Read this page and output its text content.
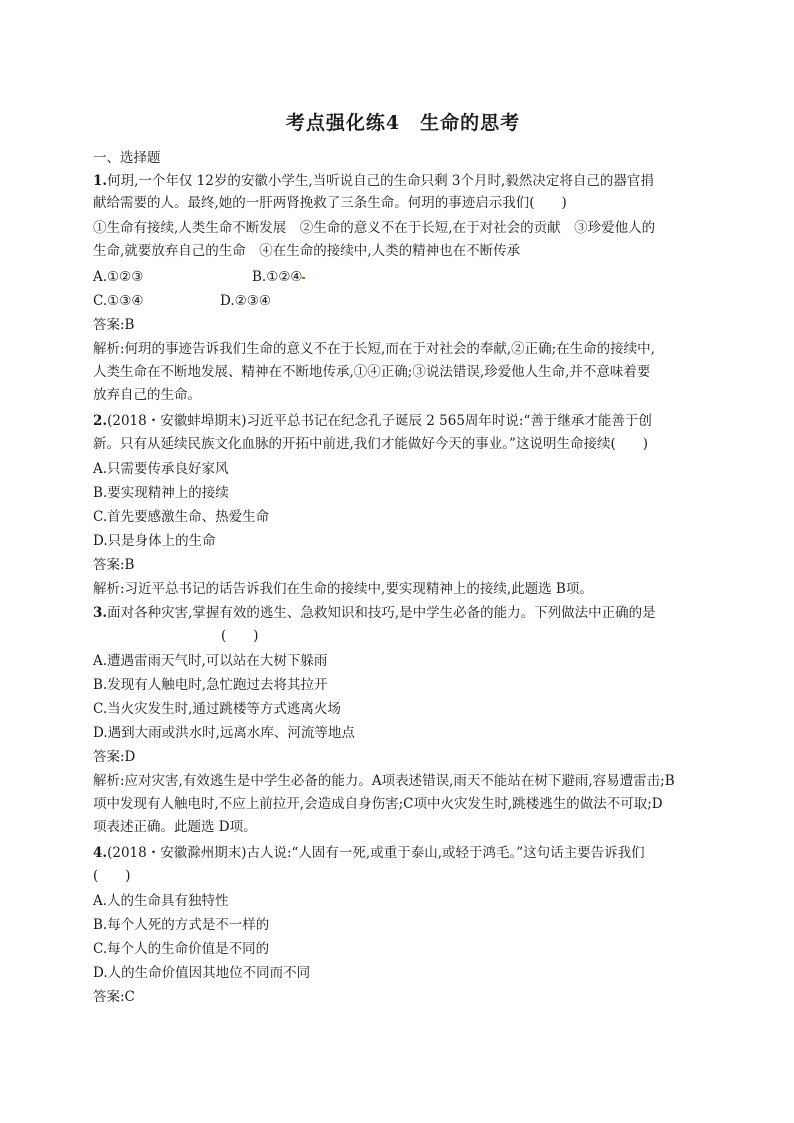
考点强化练4　生命的思考
一、选择题
1.何玥,一个年仅 12岁的安徽小学生,当听说自己的生命只剩 3个月时,毅然决定将自己的器官捐
献给需要的人。最终,她的一肝两肾挽救了三条生命。何玥的事迹启示我们(　　)
①生命有接续,人类生命不断发展　②生命的意义不在于长短,在于对社会的贡献　③珍爱他人的
生命,就要放弃自己的生命　④在生命的接续中,人类的精神也在不断传承
A.①②③	B.①②④
C.①③④	D.②③④
答案:B
解析:何玥的事迹告诉我们生命的意义不在于长短,而在于对社会的奉献,②正确;在生命的接续中,
人类生命在不断地发展、精神在不断地传承,①④正确;③说法错误,珍爱他人生命,并不意味着要
放弃自己的生命。
2.(2018・安徽蚌埠期末)习近平总书记在纪念孔子诞辰 2 565周年时说:“善于继承才能善于创
新。只有从延续民族文化血脉的开拓中前进,我们才能做好今天的事业。”这说明生命接续(　　)
A.只需要传承良好家风
B.要实现精神上的接续
C.首先要感激生命、热爱生命
D.只是身体上的生命
答案:B
解析:习近平总书记的话告诉我们在生命的接续中,要实现精神上的接续,此题选 B项。
3.面对各种灾害,掌握有效的逃生、急救知识和技巧,是中学生必备的能力。下列做法中正确的是
(　　)
A.遭遇雷雨天气时,可以站在大树下躲雨
B.发现有人触电时,急忙跑过去将其拉开
C.当火灾发生时,通过跳楼等方式逃离火场
D.遇到大雨或洪水时,远离水库、河流等地点
答案:D
解析:应对灾害,有效逃生是中学生必备的能力。A项表述错误,雨天不能站在树下避雨,容易遭雷击;B
项中发现有人触电时,不应上前拉开,会造成自身伤害;C项中火灾发生时,跳楼逃生的做法不可取;D
项表述正确。此题选 D项。
4.(2018・安徽滁州期末)古人说:“人固有一死,或重于泰山,或轻于鸿毛。”这句话主要告诉我们
(　　)
A.人的生命具有独特性
B.每个人死的方式是不一样的
C.每个人的生命价值是不同的
D.人的生命价值因其地位不同而不同
答案:C
